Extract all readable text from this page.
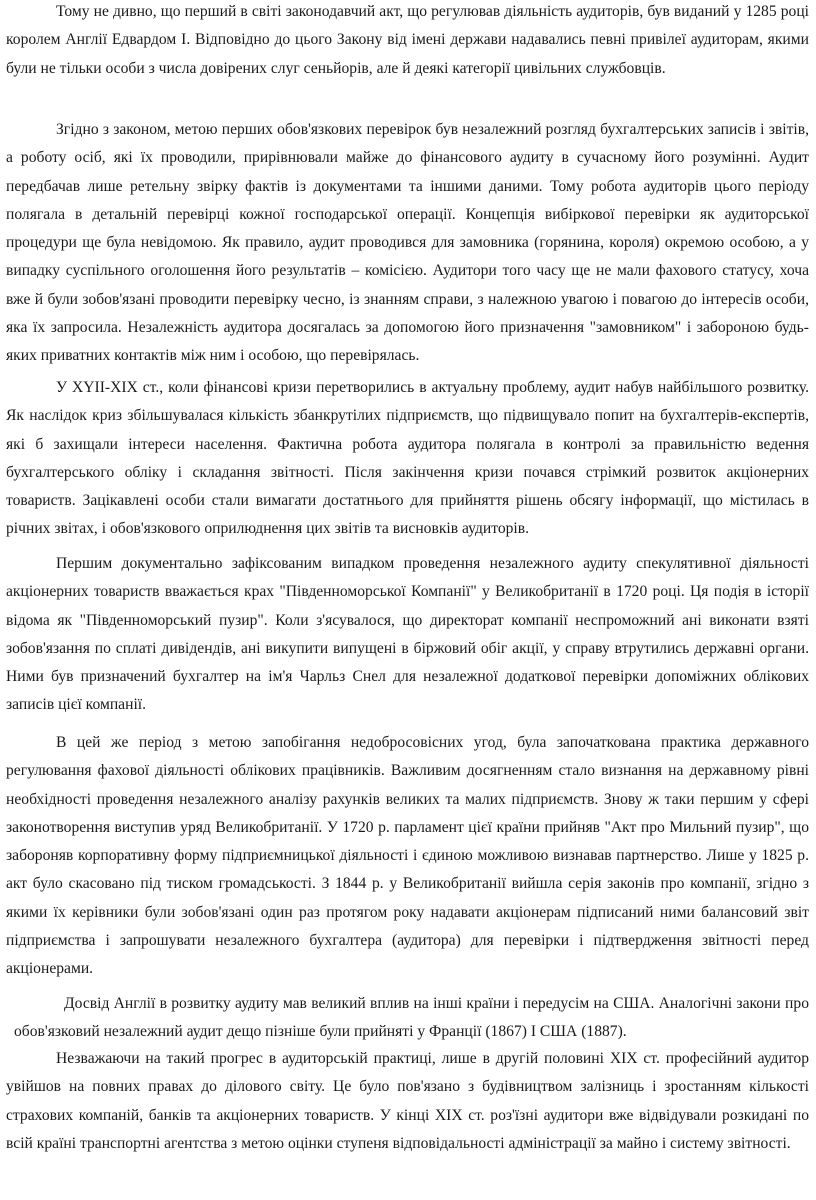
Тому не дивно, що перший в світі законодавчий акт, що регулював діяльність аудиторів, був виданий у 1285 році королем Англії Едвардом І. Відповідно до цього Закону від імені держави надавались певні привілеї аудиторам, якими були не тільки особи з числа довірених слуг сеньйорів, але й деякі категорії цивільних службовців.

Згідно з законом, метою перших обов'язкових перевірок був незалежний розгляд бухгалтерських записів і звітів, а роботу осіб, які їх проводили, прирівнювали майже до фінансового аудиту в сучасному його розумінні. Аудит передбачав лише ретельну звірку фактів із документами та іншими даними. Тому робота аудиторів цього періоду полягала в детальній перевірці кожної господарської операції. Концепція вибіркової перевірки як аудиторської процедури ще була невідомою. Як правило, аудит проводився для замовника (горянина, короля) окремою особою, а у випадку суспільного оголошення його результатів – комісією. Аудитори того часу ще не мали фахового статусу, хоча вже й були зобов'язані проводити перевірку чесно, із знанням справи, з належною увагою і повагою до інтересів особи, яка їх запросила. Незалежність аудитора досягалась за допомогою його призначення "замовником" і забороною будь-яких приватних контактів між ним і особою, що перевірялась.

У ХYІІ-ХІХ ст., коли фінансові кризи перетворились в актуальну проблему, аудит набув найбільшого розвитку. Як наслідок криз збільшувалася кількість збанкрутілих підприємств, що підвищувало попит на бухгалтерів-експертів, які б захищали інтереси населення. Фактична робота аудитора полягала в контролі за правильністю ведення бухгалтерського обліку і складання звітності. Після закінчення кризи почався стрімкий розвиток акціонерних товариств. Зацікавлені особи стали вимагати достатнього для прийняття рішень обсягу інформації, що містилась в річних звітах, і обов'язкового оприлюднення цих звітів та висновків аудиторів.

Першим документально зафіксованим випадком проведення незалежного аудиту спекулятивної діяльності акціонерних товариств вважається крах "Південноморської Компанії" у Великобританії в 1720 році. Ця подія в історії відома як "Південноморський пузир". Коли з'ясувалося, що директорат компанії неспроможний ані виконати взяті зобов'язання по сплаті дивідендів, ані викупити випущені в біржовий обіг акції, у справу втрутились державні органи. Ними був призначений бухгалтер на ім'я Чарльз Снел для незалежної додаткової перевірки допоміжних облікових записів цієї компанії.

В цей же період з метою запобігання недобросовісних угод, була започаткована практика державного регулювання фахової діяльності облікових працівників. Важливим досягненням стало визнання на державному рівні необхідності проведення незалежного аналізу рахунків великих та малих підприємств. Знову ж таки першим у сфері законотворення виступив уряд Великобританії. У 1720 р. парламент цієї країни прийняв "Акт про Мильний пузир", що забороняв корпоративну форму підприємницької діяльності і єдиною можливою визнавав партнерство. Лише у 1825 р. акт було скасовано під тиском громадськості. З 1844 р. у Великобританії вийшла серія законів про компанії, згідно з якими їх керівники були зобов'язані один раз протягом року надавати акціонерам підписаний ними балансовий звіт підприємства і запрошувати незалежного бухгалтера (аудитора) для перевірки і підтвердження звітності перед акціонерами.

Досвід Англії в розвитку аудиту мав великий вплив на інші країни і передусім на США. Аналогічні закони про обов'язковий незалежний аудит дещо пізніше були прийняті у Франції (1867) І США (1887).

Незважаючи на такий прогрес в аудиторській практиці, лише в другій половині ХІХ ст. професійний аудитор увійшов на повних правах до ділового світу. Це було пов'язано з будівництвом залізниць і зростанням кількості страхових компаній, банків та акціонерних товариств. У кінці ХІХ ст. роз'їзні аудитори вже відвідували розкидані по всій країні транспортні агентства з метою оцінки ступеня відповідальності адміністрації за майно і систему звітності.
